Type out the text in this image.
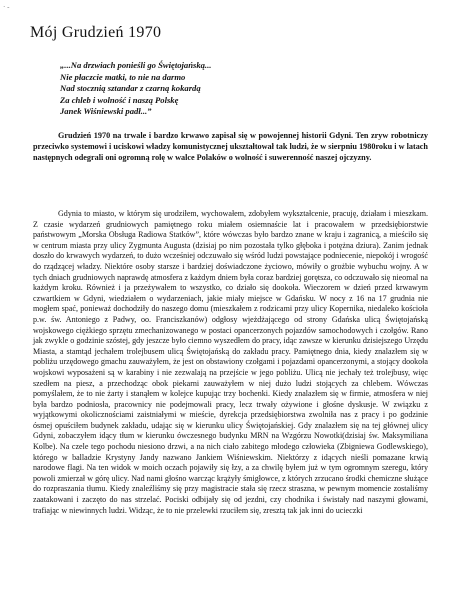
· -
Mój Grudzień 1970
„...Na drzwiach ponieśli go Świętojańską...
Nie płaczcie matki, to nie na darmo
Nad stocznią sztandar z czarną kokardą
Za chleb i wolność i naszą Polskę
Janek Wiśniewski padł...”

Grudzień 1970 na trwale i bardzo krwawo zapisał się w powojennej historii Gdyni. Ten zryw robotniczy przeciwko systemowi i uciskowi władzy komunistycznej ukształtował tak ludzi, że w sierpniu 1980roku i w latach następnych odegrali oni ogromną rolę w walce Polaków o wolność i suwerenność naszej ojczyzny.

Gdynia to miasto, w którym się urodziłem, wychowałem, zdobyłem wykształcenie, pracuję, działam i mieszkam. Z czasie wydarzeń grudniowych pamiętnego roku miałem osiemnaście lat i pracowałem w przedsiębiorstwie państwowym „Morska Obsługa Radiowa Statków”, które wówczas było bardzo znane w kraju i zagranicą, a mieściło się w centrum miasta przy ulicy Zygmunta Augusta (dzisiaj po nim pozostała tylko głęboka i potężna dziura). Zanim jednak doszło do krwawych wydarzeń, to dużo wcześniej odczuwało się wśród ludzi powstające podniecenie, niepokój i wrogość do rządzącej władzy. Niektóre osoby starsze i bardziej doświadczone życiowo, mówiły o grożbie wybuchu wojny. A w tych dniach grudniowych naprawdę atmosfera z każdym dniem była coraz bardziej gorętsza, co odczuwało się nieomal na każdym kroku. Również i ja przeżywałem to wszystko, co działo się dookoła. Wieczorem w dzień przed krwawym czwartkiem w Gdyni, wiedziałem o wydarzeniach, jakie miały miejsce w Gdańsku. W nocy z 16 na 17 grudnia nie mogłem spać, ponieważ dochodziły do naszego domu (mieszkałem z rodzicami przy ulicy Kopernika, niedaleko kościoła p.w. św. Antoniego z Padwy, oo. Franciszkanów) odgłosy wjeżdżającego od strony Gdańska ulicą Świętojańską wojskowego ciężkiego sprzętu zmechanizowanego w postaci opancerzonych pojazdów samochodowych i czołgów. Rano jak zwykle o godzinie szóstej, gdy jeszcze było ciemno wyszedłem do pracy, idąc zawsze w kierunku dzisiejszego Urzędu Miasta, a stamtąd jechałem trolejbusem ulicą Świętojańską do zakładu pracy. Pamiętnego dnia, kiedy znalazłem się w pobliżu urzędowego gmachu zauważyłem, że jest on obstawiony czołgami i pojazdami opancerzonymi, a stojący dookoła wojskowi wyposażeni są w karabiny i nie zezwalają na przejście w jego pobliżu. Ulicą nie jechały też trolejbusy, więc szedłem na piesz, a przechodząc obok piekarni zauważyłem w niej dużo ludzi stojących za chlebem. Wówczas pomyślałem, że to nie żarty i stanąłem w kolejce kupując trzy bochenki. Kiedy znalazłem się w firmie, atmosfera w niej była bardzo podniosła, pracownicy nie podejmowali pracy, lecz trwały ożywione i głośne dyskusje. W związku z wyjątkowymi okolicznościami zaistniałymi w mieście, dyrekcja przedsiębiorstwa zwolniła nas z pracy i po godzinie ósmej opuściłem budynek zakładu, udając się w kierunku ulicy Świętojańskiej. Gdy znalazłem się na tej głównej ulicy Gdyni, zobaczyłem idący tłum w kierunku ówczesnego budynku MRN na Wzgórzu Nowotki(dzisiaj św. Maksymiliana Kolbe). Na czele tego pochodu niesiono drzwi, a na nich ciało zabitego młodego człowieka (Zbigniewa Godlewskiego), którego w balladzie Krystyny Jandy nazwano Jankiem Wiśniewskim. Niektórzy z idących nieśli pomazane krwią narodowe flagi. Na ten widok w moich oczach pojawiły się łzy, a za chwilę byłem już w tym ogromnym szeregu, który powoli zmierzał w górę ulicy. Nad nami głośno warcząc krążyły śmigłowce, z których zrzucano środki chemiczne służące do rozpraszania tłumu. Kiedy znaleźliśmy się przy magistracie stała się rzecz straszna, w pewnym momencie zostaliśmy zaatakowani i zaczęto do nas strzelać. Pociski odbijały się od jezdni, czy chodnika i świstały nad naszymi głowami, trafiając w niewinnych ludzi. Widząc, że to nie przelewki rzuciłem się, zresztą tak jak inni do ucieczki
